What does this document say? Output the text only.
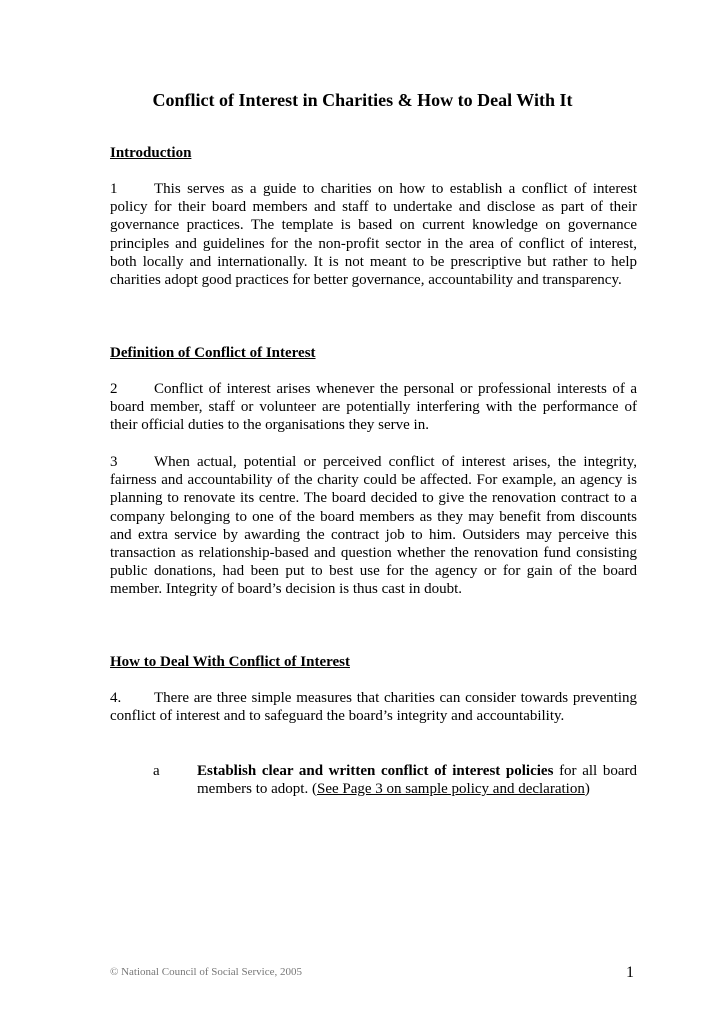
Conflict of Interest in Charities & How to Deal With It
Introduction

1 This serves as a guide to charities on how to establish a conflict of interest policy for their board members and staff to undertake and disclose as part of their governance practices. The template is based on current knowledge on governance principles and guidelines for the non-profit sector in the area of conflict of interest, both locally and internationally. It is not meant to be prescriptive but rather to help charities adopt good practices for better governance, accountability and transparency.

Definition of Conflict of Interest

2 Conflict of interest arises whenever the personal or professional interests of a board member, staff or volunteer are potentially interfering with the performance of their official duties to the organisations they serve in.

3 When actual, potential or perceived conflict of interest arises, the integrity, fairness and accountability of the charity could be affected. For example, an agency is planning to renovate its centre. The board decided to give the renovation contract to a company belonging to one of the board members as they may benefit from discounts and extra service by awarding the contract job to him. Outsiders may perceive this transaction as relationship-based and question whether the renovation fund consisting public donations, had been put to best use for the agency or for gain of the board member. Integrity of board’s decision is thus cast in doubt.

How to Deal With Conflict of Interest

4. There are three simple measures that charities can consider towards preventing conflict of interest and to safeguard the board’s integrity and accountability.

a Establish clear and written conflict of interest policies for all board members to adopt. (See Page 3 on sample policy and declaration)

© National Council of Social Service, 2005	1
